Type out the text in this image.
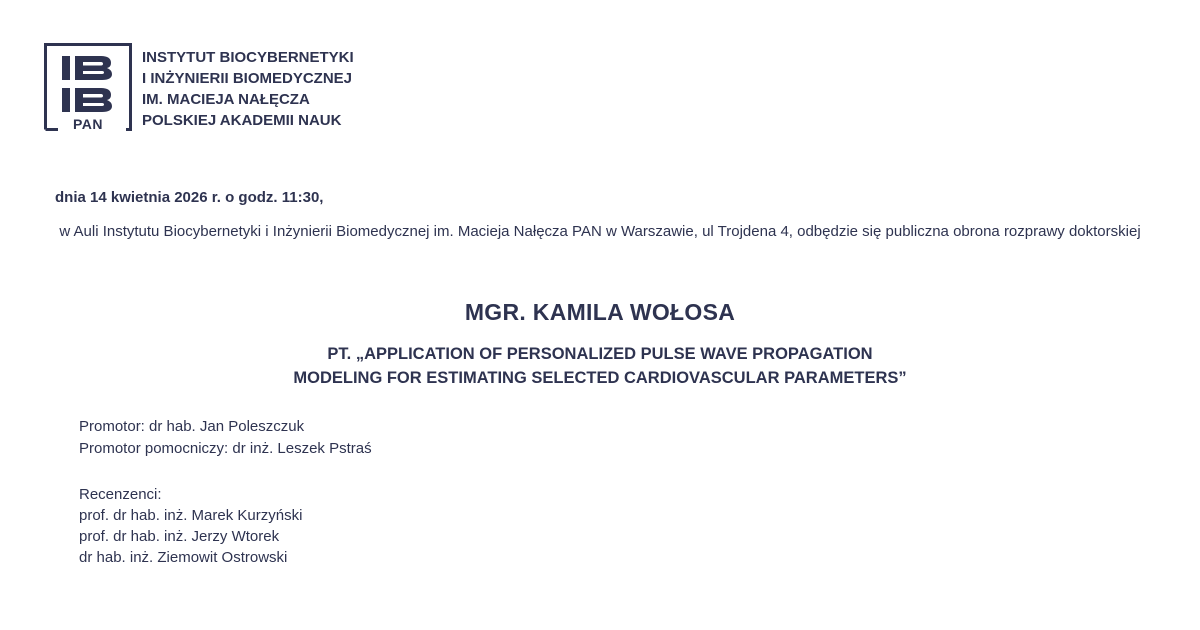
PAN
INSTYTUT BIOCYBERNETYKI
I INŻYNIERII BIOMEDYCZNEJ
IM. MACIEJA NAŁĘCZA
POLSKIEJ AKADEMII NAUK
dnia 14 kwietnia 2026 r. o godz. 11:30,
w Auli Instytutu Biocybernetyki i Inżynierii Biomedycznej im. Macieja Nałęcza PAN w Warszawie, ul Trojdena 4, odbędzie się publiczna obrona rozprawy doktorskiej
MGR. KAMILA WOŁOSA
PT. „APPLICATION OF PERSONALIZED PULSE WAVE PROPAGATION
MODELING FOR ESTIMATING SELECTED CARDIOVASCULAR PARAMETERS”
Promotor: dr hab. Jan Poleszczuk
Promotor pomocniczy: dr inż. Leszek Pstraś
Recenzenci:
prof. dr hab. inż. Marek Kurzyński
prof. dr hab. inż. Jerzy Wtorek
dr hab. inż. Ziemowit Ostrowski
